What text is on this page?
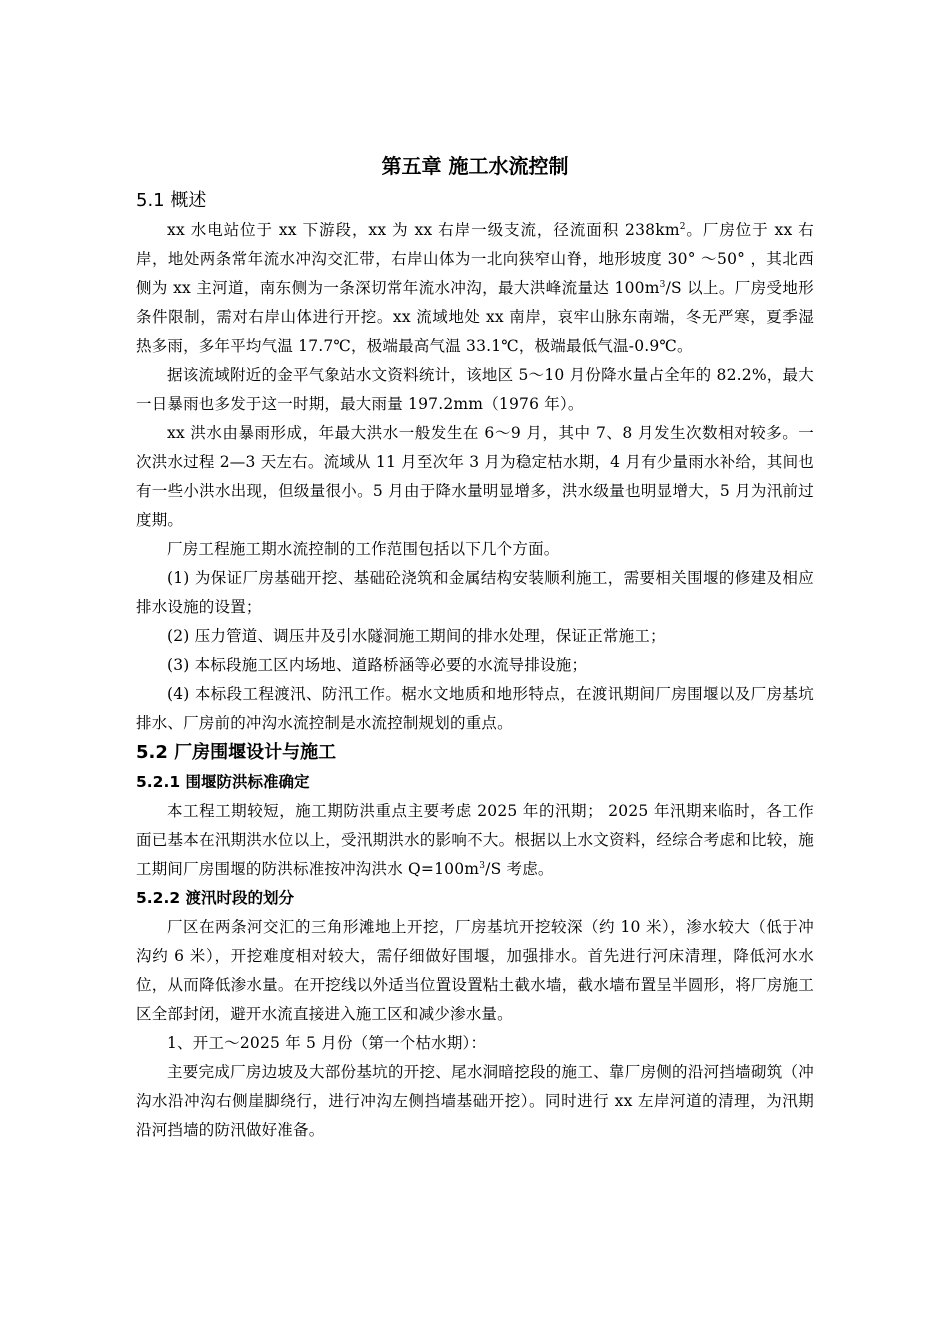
第五章 施工水流控制
5.1 概述

xx 水电站位于 xx 下游段，xx 为 xx 右岸一级支流，径流面积 $238km^2$。厂房位于 xx 右岸，地处两条常年流水冲沟交汇带，右岸山体为一北向狭窄山脊，地形坡度 30° ～50° ，其北西侧为 xx 主河道，南东侧为一条深切常年流水冲沟，最大洪峰流量达 $100m^3/S$ 以上。厂房受地形条件限制，需对右岸山体进行开挖。xx 流域地处 xx 南岸，哀牢山脉东南端，冬无严寒，夏季湿热多雨，多年平均气温 17.7℃，极端最高气温 33.1℃，极端最低气温-0.9℃。

据该流域附近的金平气象站水文资料统计，该地区 5～10 月份降水量占全年的 82.2%，最大一日暴雨也多发于这一时期，最大雨量 197.2mm（1976 年）。

xx 洪水由暴雨形成，年最大洪水一般发生在 6～9 月，其中 7、8 月发生次数相对较多。一次洪水过程 2—3 天左右。流域从 11 月至次年 3 月为稳定枯水期，4 月有少量雨水补给，其间也有一些小洪水出现，但级量很小。5 月由于降水量明显增多，洪水级量也明显增大，5 月为汛前过度期。

厂房工程施工期水流控制的工作范围包括以下几个方面。

(1) 为保证厂房基础开挖、基础砼浇筑和金属结构安装顺利施工，需要相关围堰的修建及相应排水设施的设置；

(2) 压力管道、调压井及引水隧洞施工期间的排水处理，保证正常施工；

(3) 本标段施工区内场地、道路桥涵等必要的水流导排设施；

(4) 本标段工程渡汛、防汛工作。椐水文地质和地形特点，在渡讯期间厂房围堰以及厂房基坑排水、厂房前的冲沟水流控制是水流控制规划的重点。

5.2 厂房围堰设计与施工
5.2.1 围堰防洪标准确定

本工程工期较短，施工期防洪重点主要考虑 2025 年的汛期； 2025 年汛期来临时，各工作面已基本在汛期洪水位以上，受汛期洪水的影响不大。根据以上水文资料，经综合考虑和比较，施工期间厂房围堰的防洪标准按冲沟洪水 $Q=100m^3/S$ 考虑。

5.2.2 渡汛时段的划分

厂区在两条河交汇的三角形滩地上开挖，厂房基坑开挖较深（约 10 米），渗水较大（低于冲沟约 6 米），开挖难度相对较大，需仔细做好围堰，加强排水。首先进行河床清理，降低河水水位，从而降低渗水量。在开挖线以外适当位置设置粘土截水墙，截水墙布置呈半圆形，将厂房施工区全部封闭，避开水流直接进入施工区和减少渗水量。

1、开工～2025 年 5 月份（第一个枯水期）：

主要完成厂房边坡及大部份基坑的开挖、尾水洞暗挖段的施工、靠厂房侧的沿河挡墙砌筑（冲沟水沿冲沟右侧崖脚绕行，进行冲沟左侧挡墙基础开挖）。同时进行 xx 左岸河道的清理，为汛期沿河挡墙的防汛做好准备。
